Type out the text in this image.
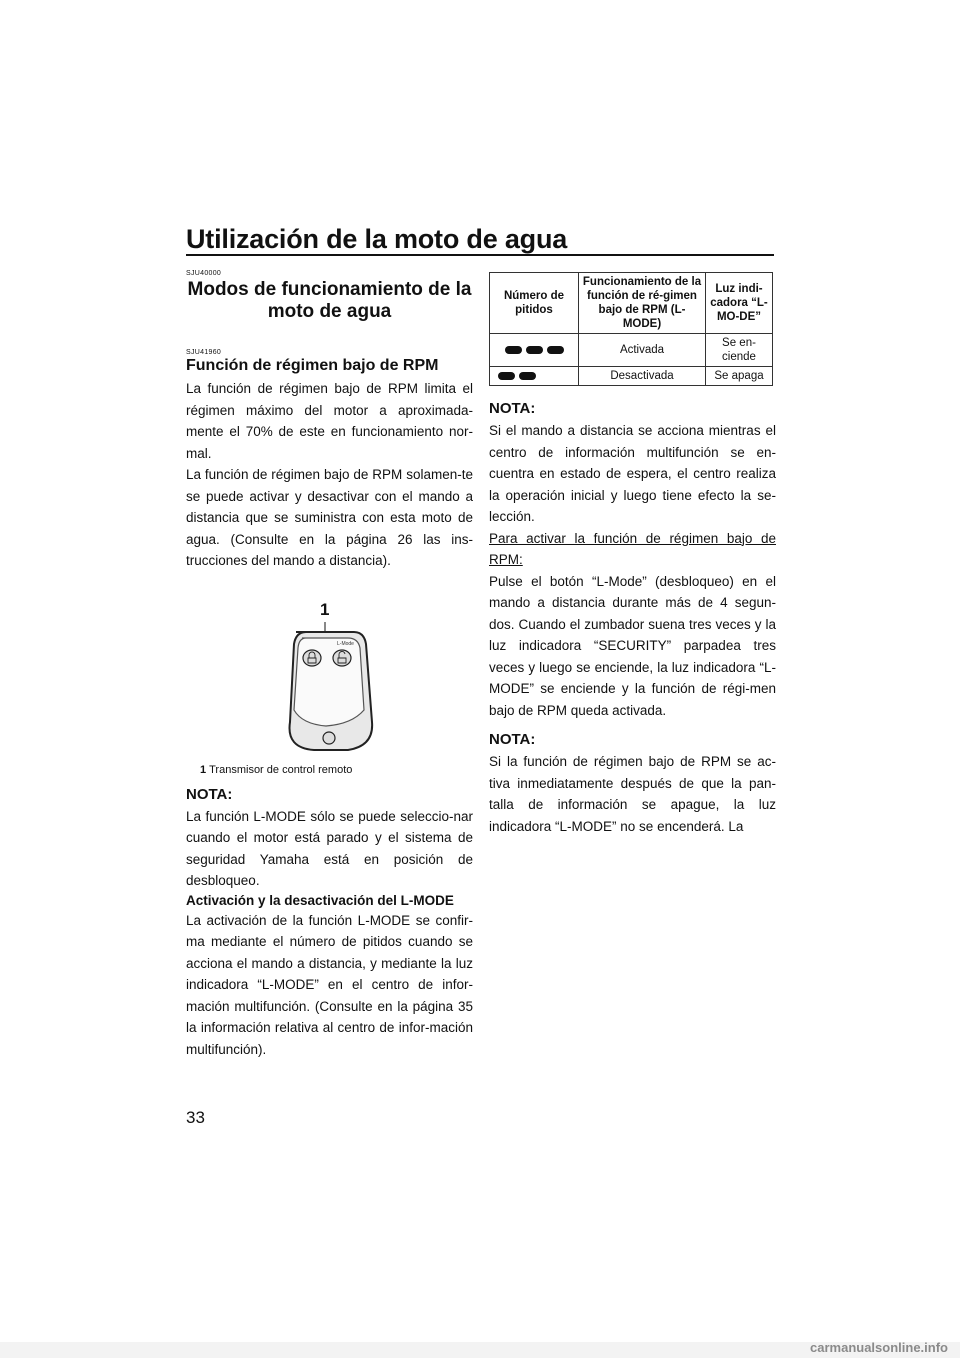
Utilización de la moto de agua

SJU40000

Modos de funcionamiento de la moto de agua

SJU41960

Función de régimen bajo de RPM

La función de régimen bajo de RPM limita el régimen máximo del motor a aproximada-mente el 70% de este en funcionamiento nor-mal.

La función de régimen bajo de RPM solamen-te se puede activar y desactivar con el mando a distancia que se suministra con esta moto de agua. (Consulte en la página 26 las ins-trucciones del mando a distancia).

1
L-Mode

1 Transmisor de control remoto

NOTA:

La función L-MODE sólo se puede seleccio-nar cuando el motor está parado y el sistema de seguridad Yamaha está en posición de desbloqueo.

Activación y la desactivación del L-MODE

La activación de la función L-MODE se confir-ma mediante el número de pitidos cuando se acciona el mando a distancia, y mediante la luz indicadora “L-MODE” en el centro de infor-mación multifunción. (Consulte en la página 35 la información relativa al centro de infor-mación multifunción).

Número de pitidos	Funcionamiento de la función de ré-gimen bajo de RPM (L-MODE)	Luz indi-cadora “L-MO-DE”
	Activada	Se en-ciende
	Desactivada	Se apaga

NOTA:

Si el mando a distancia se acciona mientras el centro de información multifunción se en-cuentra en estado de espera, el centro realiza la operación inicial y luego tiene efecto la se-lección.

Para activar la función de régimen bajo de RPM:

Pulse el botón “L-Mode” (desbloqueo) en el mando a distancia durante más de 4 segun-dos. Cuando el zumbador suena tres veces y la luz indicadora “SECURITY” parpadea tres veces y luego se enciende, la luz indicadora “L-MODE” se enciende y la función de régi-men bajo de RPM queda activada.

NOTA:

Si la función de régimen bajo de RPM se ac-tiva inmediatamente después de que la pan-talla de información se apague, la luz indicadora “L-MODE” no se encenderá. La

33
carmanualsonline.info
